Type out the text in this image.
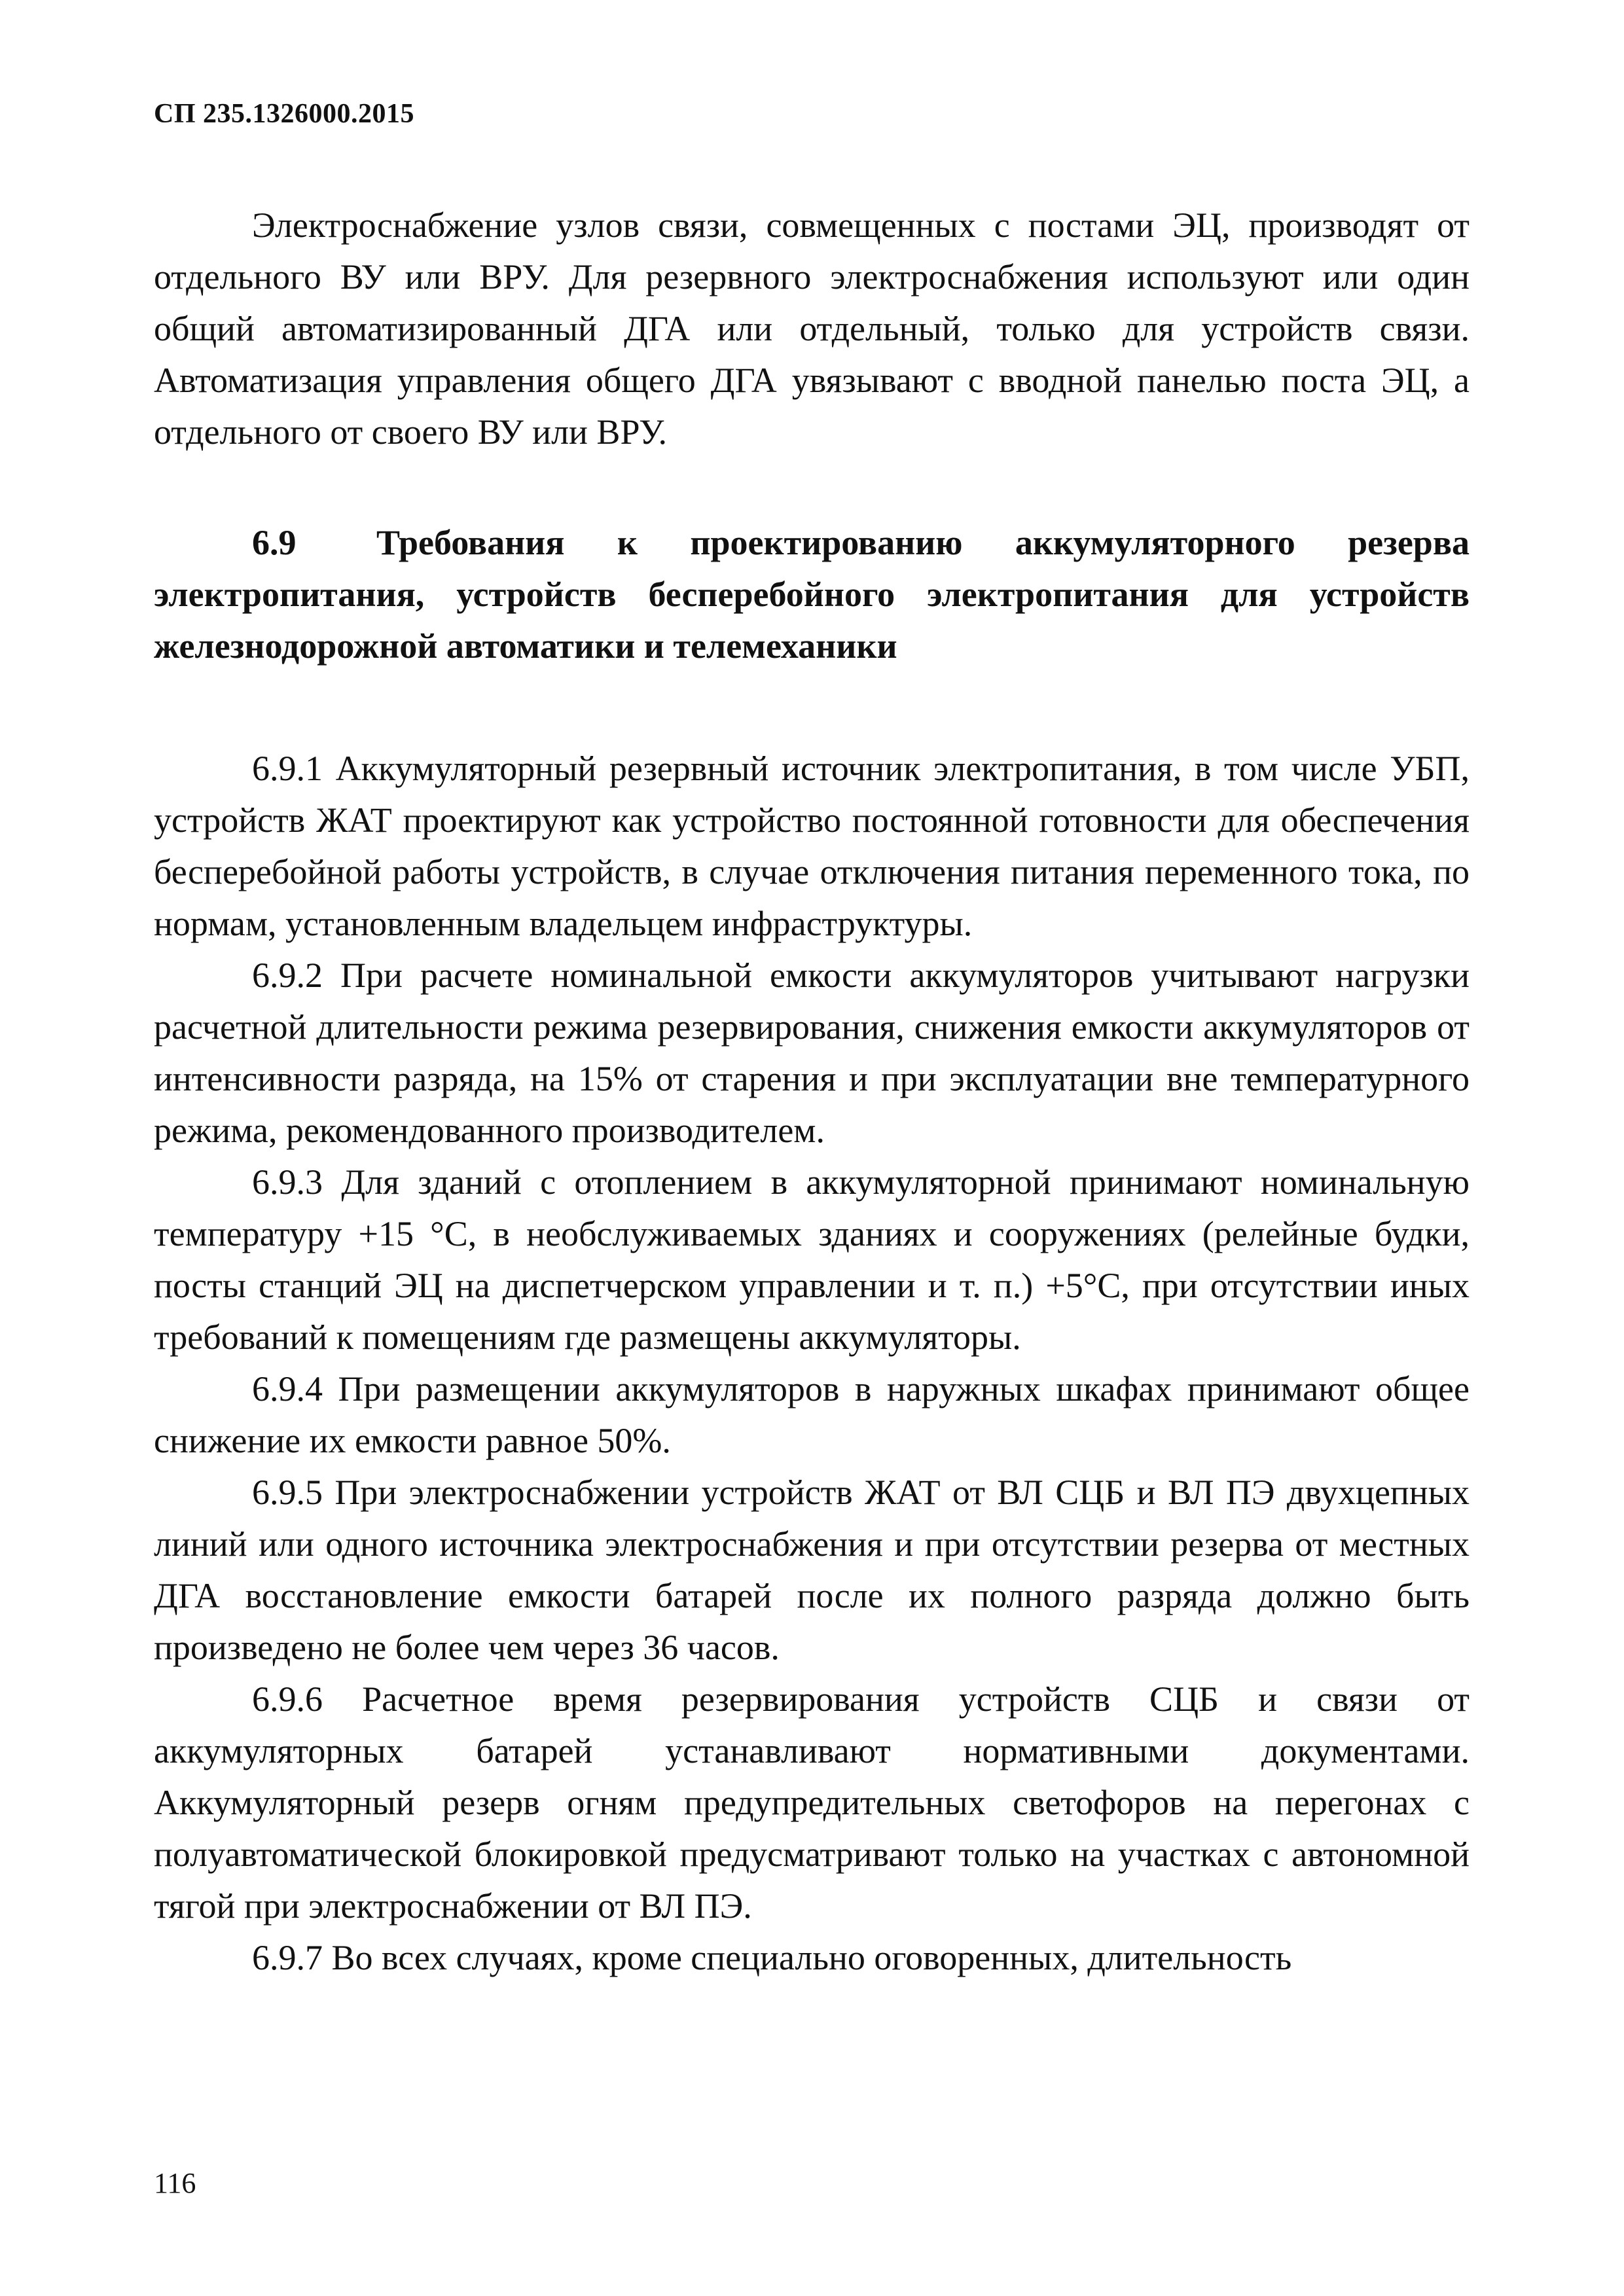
СП 235.1326000.2015

Электроснабжение узлов связи, совмещенных с постами ЭЦ, производят от отдельного ВУ или ВРУ. Для резервного электроснабжения используют или один общий автоматизированный ДГА или отдельный, только для устройств связи. Автоматизация управления общего ДГА увязывают с вводной панелью поста ЭЦ, а отдельного от своего ВУ или ВРУ.

6.9 Требования к проектированию аккумуляторного резерва электропитания, устройств бесперебойного электропитания для устройств железнодорожной автоматики и телемеханики

6.9.1 Аккумуляторный резервный источник электропитания, в том числе УБП, устройств ЖАТ проектируют как устройство постоянной готовности для обеспечения бесперебойной работы устройств, в случае отключения питания переменного тока, по нормам, установленным владельцем инфраструктуры.

6.9.2 При расчете номинальной емкости аккумуляторов учитывают нагрузки расчетной длительности режима резервирования, снижения емкости аккумуляторов от интенсивности разряда, на 15% от старения и при эксплуатации вне температурного режима, рекомендованного производителем.

6.9.3 Для зданий с отоплением в аккумуляторной принимают номинальную температуру +15 °С, в необслуживаемых зданиях и сооружениях (релейные будки, посты станций ЭЦ на диспетчерском управлении и т. п.) +5°С, при отсутствии иных требований к помещениям где размещены аккумуляторы.

6.9.4 При размещении аккумуляторов в наружных шкафах принимают общее снижение их емкости равное 50%.

6.9.5 При электроснабжении устройств ЖАТ от ВЛ СЦБ и ВЛ ПЭ двухцепных линий или одного источника электроснабжения и при отсутствии резерва от местных ДГА восстановление емкости батарей после их полного разряда должно быть произведено не более чем через 36 часов.

6.9.6 Расчетное время резервирования устройств СЦБ и связи от аккумуляторных батарей устанавливают нормативными документами. Аккумуляторный резерв огням предупредительных светофоров на перегонах с полуавтоматической блокировкой предусматривают только на участках с автономной тягой при электроснабжении от ВЛ ПЭ.

6.9.7 Во всех случаях, кроме специально оговоренных, длительность

116
